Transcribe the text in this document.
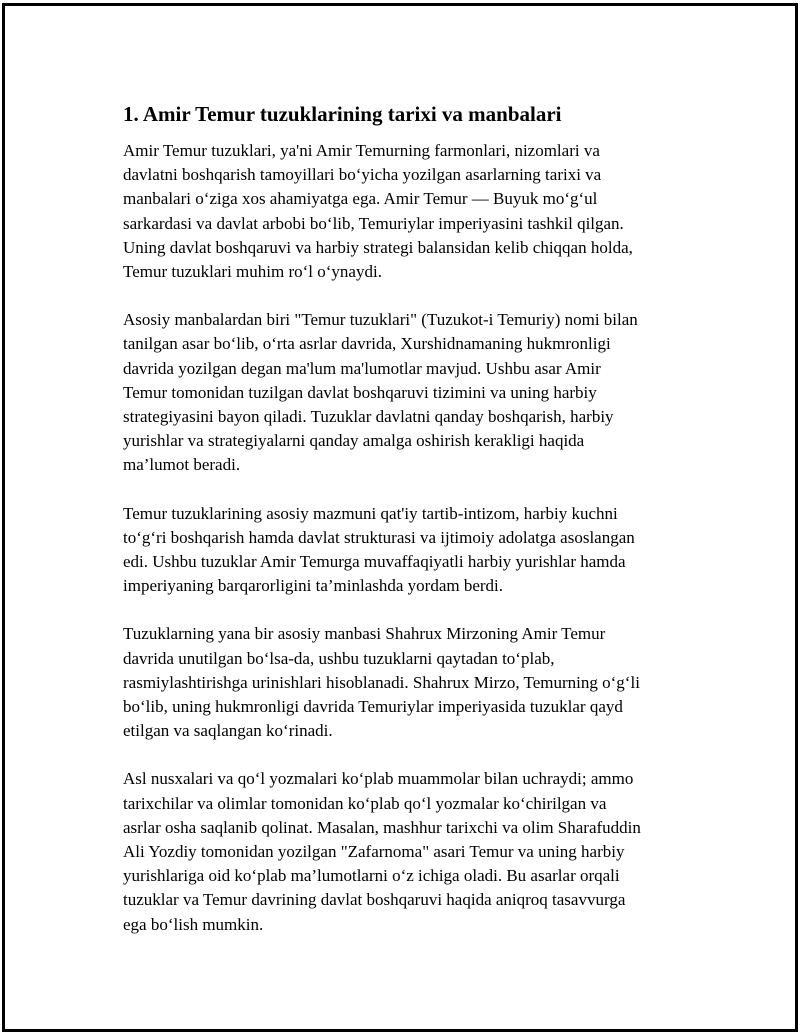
1. Amir Temur tuzuklarining tarixi va manbalari

Amir Temur tuzuklari, ya'ni Amir Temurning farmonlari, nizomlari va
davlatni boshqarish tamoyillari bo‘yicha yozilgan asarlarning tarixi va
manbalari o‘ziga xos ahamiyatga ega. Amir Temur — Buyuk mo‘g‘ul
sarkardasi va davlat arbobi bo‘lib, Temuriylar imperiyasini tashkil qilgan.
Uning davlat boshqaruvi va harbiy strategi balansidan kelib chiqqan holda,
Temur tuzuklari muhim ro‘l o‘ynaydi.

Asosiy manbalardan biri "Temur tuzuklari" (Tuzukot-i Temuriy) nomi bilan
tanilgan asar bo‘lib, o‘rta asrlar davrida, Xurshidnamaning hukmronligi
davrida yozilgan degan ma'lum ma'lumotlar mavjud. Ushbu asar Amir
Temur tomonidan tuzilgan davlat boshqaruvi tizimini va uning harbiy
strategiyasini bayon qiladi. Tuzuklar davlatni qanday boshqarish, harbiy
yurishlar va strategiyalarni qanday amalga oshirish kerakligi haqida
ma’lumot beradi.

Temur tuzuklarining asosiy mazmuni qat'iy tartib-intizom, harbiy kuchni
to‘g‘ri boshqarish hamda davlat strukturasi va ijtimoiy adolatga asoslangan
edi. Ushbu tuzuklar Amir Temurga muvaffaqiyatli harbiy yurishlar hamda
imperiyaning barqarorligini ta’minlashda yordam berdi.

Tuzuklarning yana bir asosiy manbasi Shahrux Mirzoning Amir Temur
davrida unutilgan bo‘lsa-da, ushbu tuzuklarni qaytadan to‘plab,
rasmiylashtirishga urinishlari hisoblanadi. Shahrux Mirzo, Temurning o‘g‘li
bo‘lib, uning hukmronligi davrida Temuriylar imperiyasida tuzuklar qayd
etilgan va saqlangan ko‘rinadi.

Asl nusxalari va qo‘l yozmalari ko‘plab muammolar bilan uchraydi; ammo
tarixchilar va olimlar tomonidan ko‘plab qo‘l yozmalar ko‘chirilgan va
asrlar osha saqlanib qolinat. Masalan, mashhur tarixchi va olim Sharafuddin
Ali Yozdiy tomonidan yozilgan "Zafarnoma" asari Temur va uning harbiy
yurishlariga oid ko‘plab ma’lumotlarni o‘z ichiga oladi. Bu asarlar orqali
tuzuklar va Temur davrining davlat boshqaruvi haqida aniqroq tasavvurga
ega bo‘lish mumkin.
